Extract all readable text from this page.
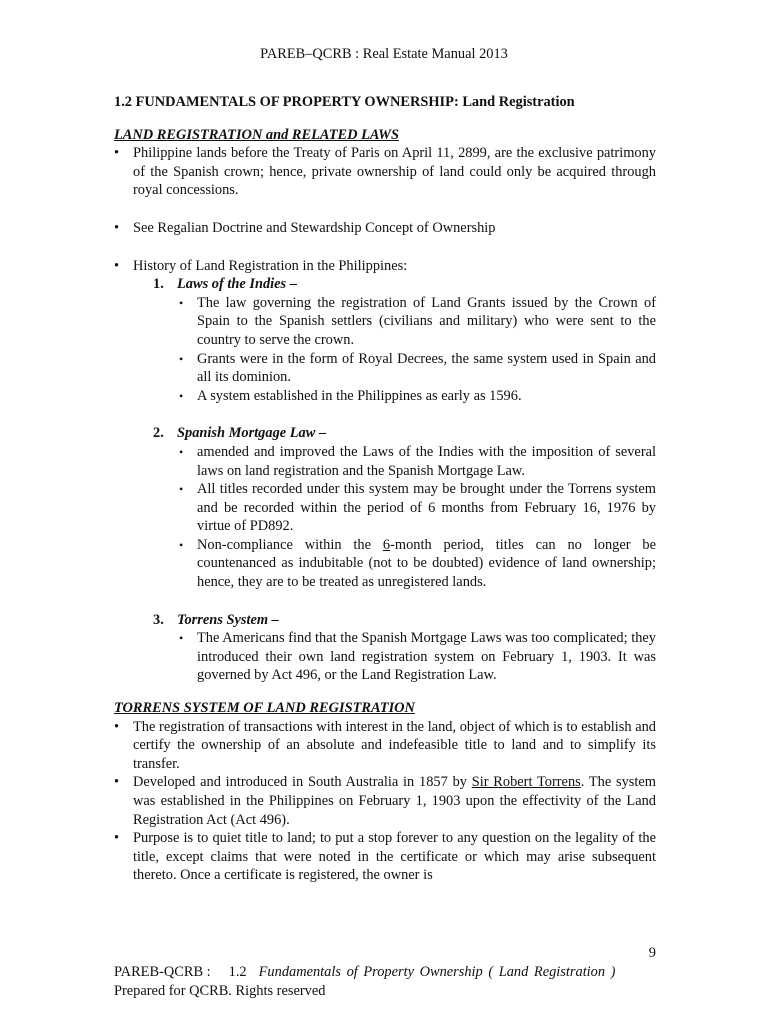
PAREB–QCRB : Real Estate Manual 2013
1.2 FUNDAMENTALS OF PROPERTY OWNERSHIP: Land Registration
LAND REGISTRATION and RELATED LAWS
• Philippine lands before the Treaty of Paris on April 11, 2899, are the exclusive patrimony of the Spanish crown; hence, private ownership of land could only be acquired through royal concessions.
• See Regalian Doctrine and Stewardship Concept of Ownership
• History of Land Registration in the Philippines:
1. Laws of the Indies –
• The law governing the registration of Land Grants issued by the Crown of Spain to the Spanish settlers (civilians and military) who were sent to the country to serve the crown.
• Grants were in the form of Royal Decrees, the same system used in Spain and all its dominion.
• A system established in the Philippines as early as 1596.
2. Spanish Mortgage Law –
• amended and improved the Laws of the Indies with the imposition of several laws on land registration and the Spanish Mortgage Law.
• All titles recorded under this system may be brought under the Torrens system and be recorded within the period of 6 months from February 16, 1976 by virtue of PD892.
• Non-compliance within the 6-month period, titles can no longer be countenanced as indubitable (not to be doubted) evidence of land ownership; hence, they are to be treated as unregistered lands.
3. Torrens System –
• The Americans find that the Spanish Mortgage Laws was too complicated; they introduced their own land registration system on February 1, 1903. It was governed by Act 496, or the Land Registration Law.
TORRENS SYSTEM OF LAND REGISTRATION
• The registration of transactions with interest in the land, object of which is to establish and certify the ownership of an absolute and indefeasible title to land and to simplify its transfer.
• Developed and introduced in South Australia in 1857 by Sir Robert Torrens. The system was established in the Philippines on February 1, 1903 upon the effectivity of the Land Registration Act (Act 496).
• Purpose is to quiet title to land; to put a stop forever to any question on the legality of the title, except claims that were noted in the certificate or which may arise subsequent thereto. Once a certificate is registered, the owner is
9
PAREB-QCRB : 1.2 Fundamentals of Property Ownership ( Land Registration )
Prepared for QCRB. Rights reserved
